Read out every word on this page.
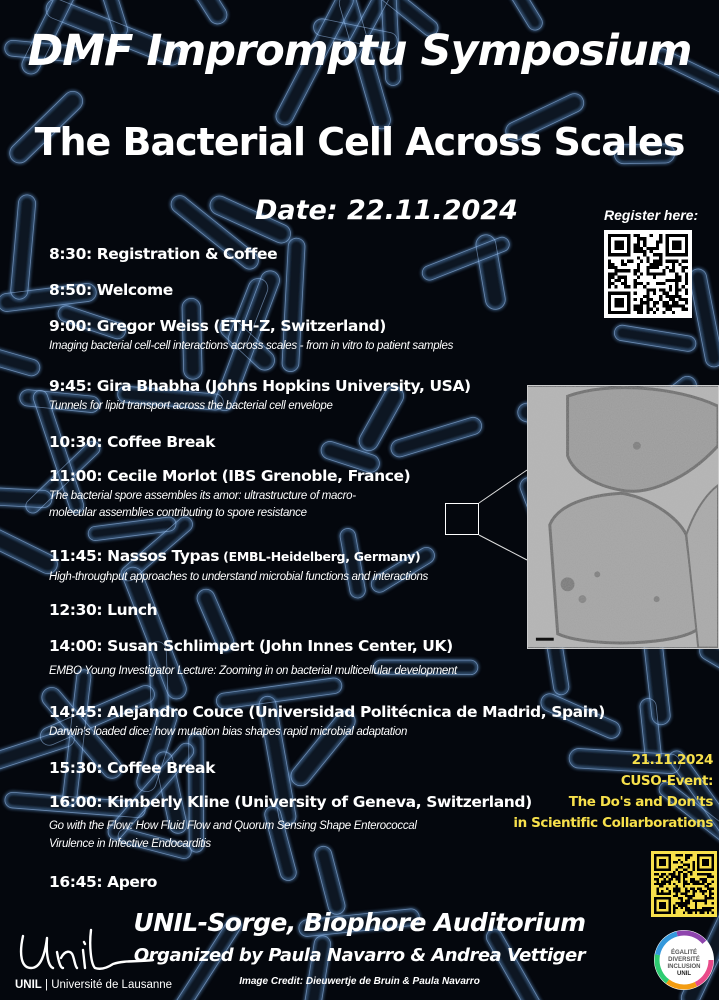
DMF Impromptu Symposium
The Bacterial Cell Across Scales
Date: 22.11.2024	Register here:
8:30: Registration & Coffee
8:50: Welcome
9:00: Gregor Weiss (ETH-Z, Switzerland)
Imaging bacterial cell-cell interactions across scales - from in vitro to patient samples
9:45: Gira Bhabha (Johns Hopkins University, USA)
Tunnels for lipid transport across the bacterial cell envelope
10:30: Coffee Break
11:00: Cecile Morlot (IBS Grenoble, France)
The bacterial spore assembles its amor: ultrastructure of macro-
molecular assemblies contributing to spore resistance
11:45: Nassos Typas (EMBL-Heidelberg, Germany)
High-throughput approaches to understand microbial functions and interactions
12:30: Lunch
14:00: Susan Schlimpert (John Innes Center, UK)
EMBO Young Investigator Lecture: Zooming in on bacterial multicellular development
14:45: Alejandro Couce (Universidad Politécnica de Madrid, Spain)
Darwin's loaded dice: how mutation bias shapes rapid microbial adaptation
15:30: Coffee Break
16:00: Kimberly Kline (University of Geneva, Switzerland)
Go with the Flow: How Fluid Flow and Quorum Sensing Shape Enterococcal
Virulence in Infective Endocarditis
16:45: Apero
21.11.2024
CUSO-Event:
The Do's and Don'ts
in Scientific Collarborations
UNIL-Sorge, Biophore Auditorium
Organized by Paula Navarro & Andrea Vettiger
Image Credit: Dieuwertje de Bruin & Paula Navarro
UNIL | Université de Lausanne
ÉGALITÉ
DIVERSITÉ
INCLUSION
UNIL
